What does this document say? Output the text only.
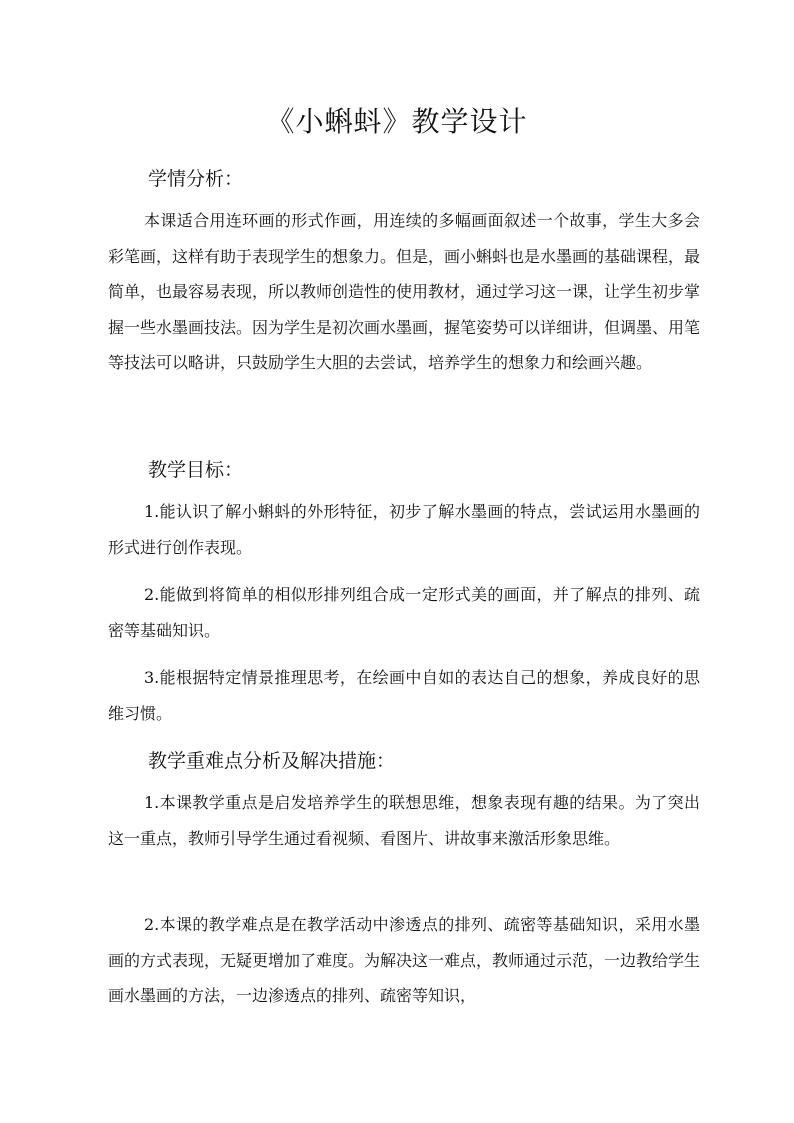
《小蝌蚪》教学设计
学情分析：
本课适合用连环画的形式作画，用连续的多幅画面叙述一个故事，学生大多会彩笔画，这样有助于表现学生的想象力。但是，画小蝌蚪也是水墨画的基础课程，最简单，也最容易表现，所以教师创造性的使用教材，通过学习这一课，让学生初步掌握一些水墨画技法。因为学生是初次画水墨画，握笔姿势可以详细讲，但调墨、用笔等技法可以略讲，只鼓励学生大胆的去尝试，培养学生的想象力和绘画兴趣。
教学目标：
1.能认识了解小蝌蚪的外形特征，初步了解水墨画的特点，尝试运用水墨画的形式进行创作表现。
2.能做到将简单的相似形排列组合成一定形式美的画面，并了解点的排列、疏密等基础知识。
3.能根据特定情景推理思考，在绘画中自如的表达自己的想象，养成良好的思维习惯。
教学重难点分析及解决措施：
1.本课教学重点是启发培养学生的联想思维，想象表现有趣的结果。为了突出这一重点，教师引导学生通过看视频、看图片、讲故事来激活形象思维。
2.本课的教学难点是在教学活动中渗透点的排列、疏密等基础知识，采用水墨画的方式表现，无疑更增加了难度。为解决这一难点，教师通过示范，一边教给学生画水墨画的方法，一边渗透点的排列、疏密等知识，
